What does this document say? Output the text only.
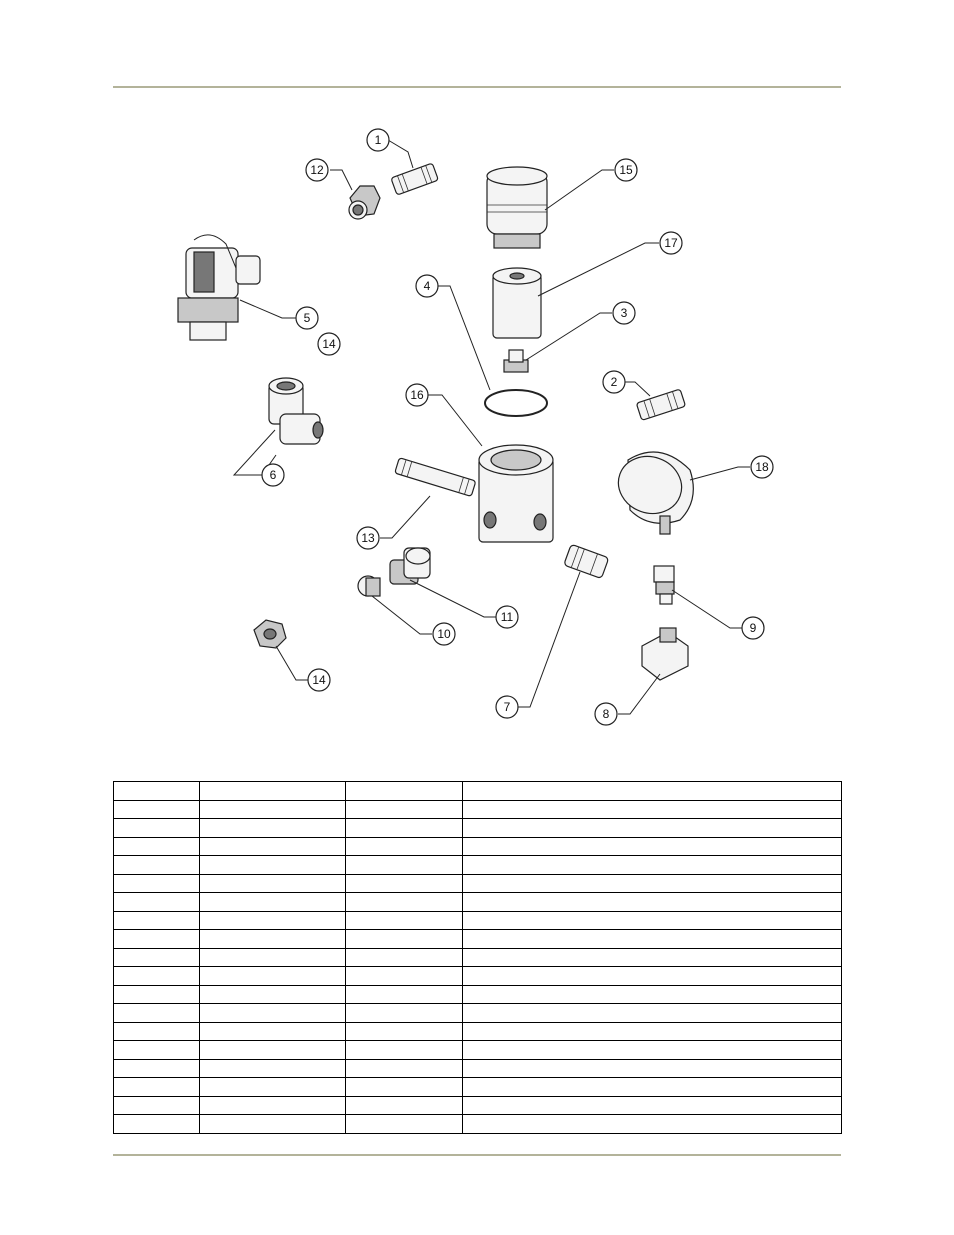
1
12	15
17
4
3
5
14
2
16
18
6
13
11
10	9
14
7	8
